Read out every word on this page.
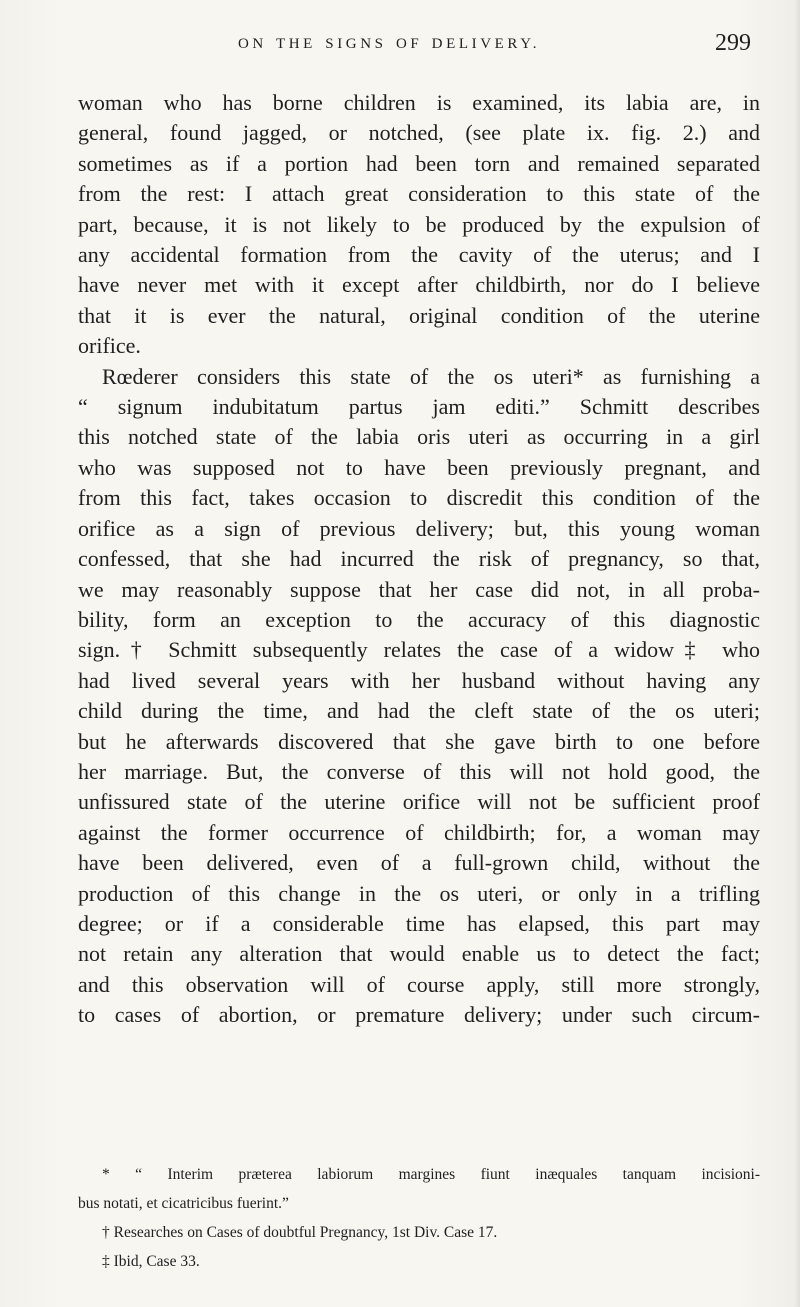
ON THE SIGNS OF DELIVERY.	299

woman who has borne children is examined, its labia are, in
general, found jagged, or notched, (see plate ix. fig. 2.) and
sometimes as if a portion had been torn and remained separated
from the rest: I attach great consideration to this state of the
part, because, it is not likely to be produced by the expulsion of
any accidental formation from the cavity of the uterus; and I
have never met with it except after childbirth, nor do I believe
that it is ever the natural, original condition of the uterine
orifice.

Rœderer considers this state of the os uteri* as furnishing a
“ signum indubitatum partus jam editi.” Schmitt describes
this notched state of the labia oris uteri as occurring in a girl
who was supposed not to have been previously pregnant, and
from this fact, takes occasion to discredit this condition of the
orifice as a sign of previous delivery; but, this young woman
confessed, that she had incurred the risk of pregnancy, so that,
we may reasonably suppose that her case did not, in all proba-
bility, form an exception to the accuracy of this diagnostic
sign.† Schmitt subsequently relates the case of a widow‡ who
had lived several years with her husband without having any
child during the time, and had the cleft state of the os uteri;
but he afterwards discovered that she gave birth to one before
her marriage. But, the converse of this will not hold good, the
unfissured state of the uterine orifice will not be sufficient proof
against the former occurrence of childbirth; for, a woman may
have been delivered, even of a full-grown child, without the
production of this change in the os uteri, or only in a trifling
degree; or if a considerable time has elapsed, this part may
not retain any alteration that would enable us to detect the fact;
and this observation will of course apply, still more strongly,
to cases of abortion, or premature delivery; under such circum-

* “ Interim præterea labiorum margines fiunt inæquales tanquam incisioni-
bus notati, et cicatricibus fuerint.”
† Researches on Cases of doubtful Pregnancy, 1st Div. Case 17.
‡ Ibid, Case 33.
